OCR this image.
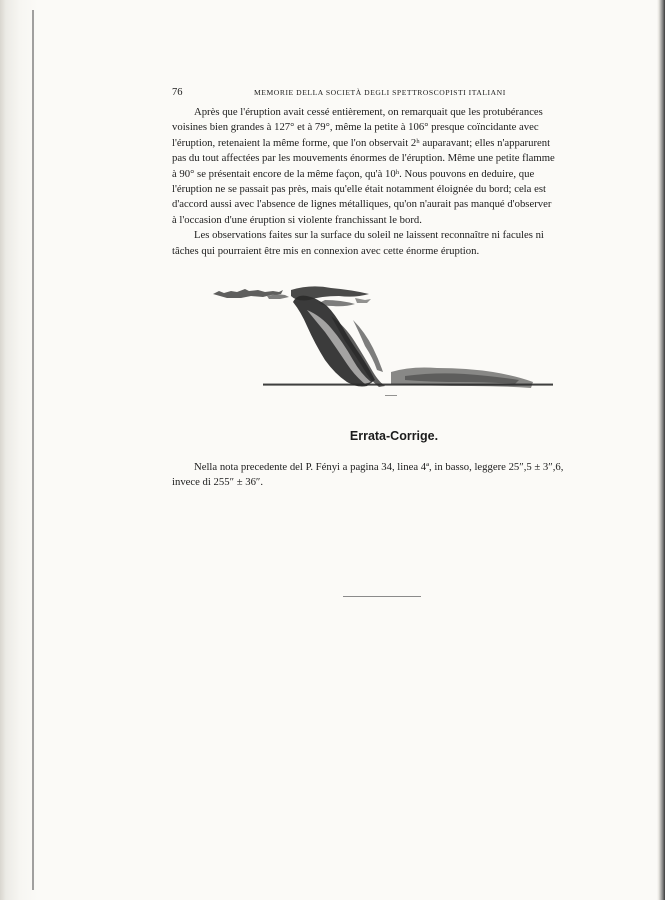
76	MEMORIE DELLA SOCIETÀ DEGLI SPETTROSCOPISTI ITALIANI
Après que l'éruption avait cessé entièrement, on remarquait que les protubérances
voisines bien grandes à 127° et à 79°, même la petite à 106° presque coïncidante avec
l'éruption, retenaient la même forme, que l'on observait 2ʰ auparavant; elles n'apparurent
pas du tout affectées par les mouvements énormes de l'éruption. Même une petite flamme
à 90° se présentait encore de la même façon, qu'à 10ʰ. Nous pouvons en deduire, que
l'éruption ne se passait pas près, mais qu'elle était notamment éloignée du bord; cela est
d'accord aussi avec l'absence de lignes métalliques, qu'on n'aurait pas manqué d'observer
à l'occasion d'une éruption si violente franchissant le bord.
Les observations faites sur la surface du soleil ne laissent reconnaître ni facules ni
tâches qui pourraient être mis en connexion avec cette énorme éruption.
Errata-Corrige.
Nella nota precedente del P. Fényi a pagina 34, linea 4ª, in basso, leggere 25″,5 ± 3″,6,
invece di 255″ ± 36″.
